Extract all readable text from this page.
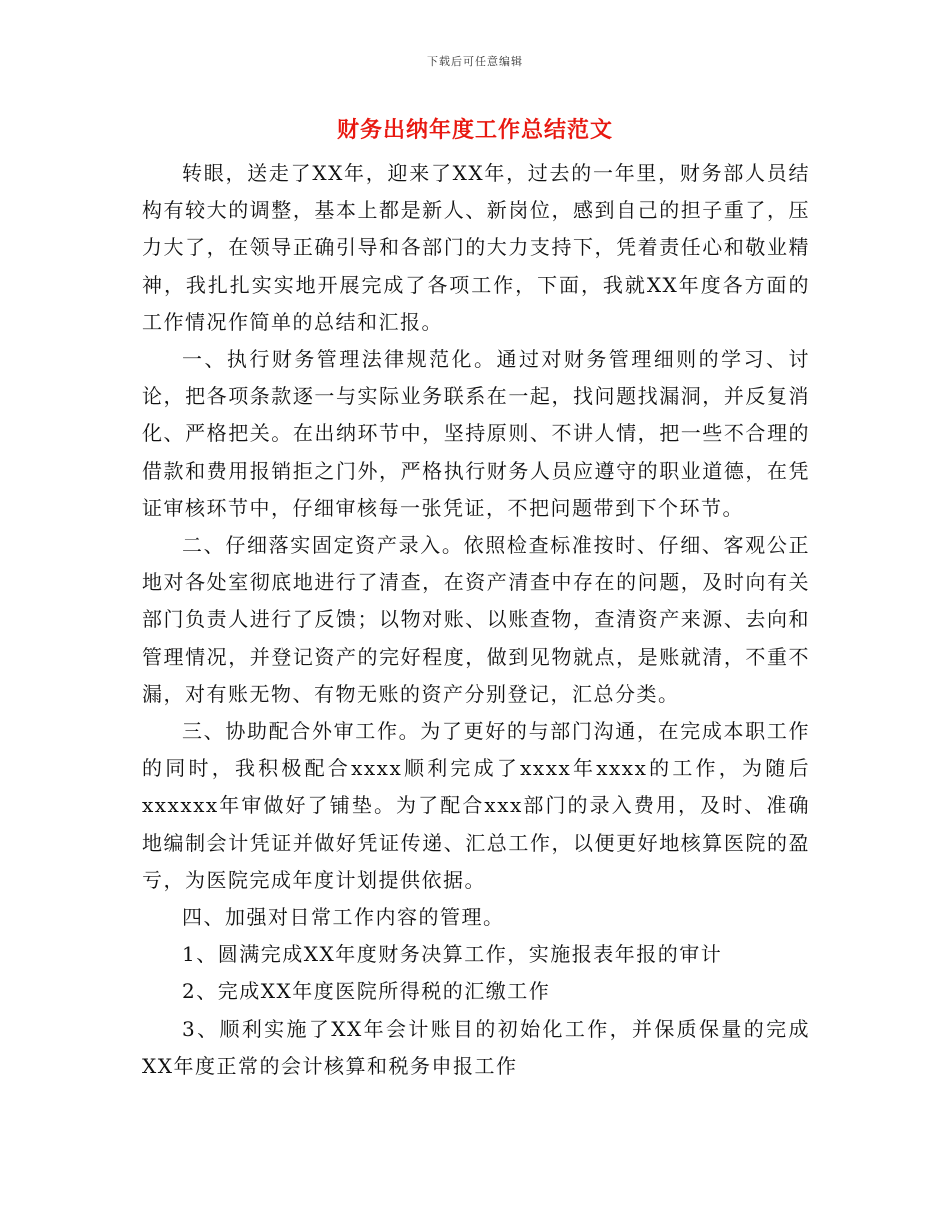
下载后可任意编辑
财务出纳年度工作总结范文

转眼，送走了XX年，迎来了XX年，过去的一年里，财务部人员结构有较大的调整，基本上都是新人、新岗位，感到自己的担子重了，压力大了，在领导正确引导和各部门的大力支持下，凭着责任心和敬业精神，我扎扎实实地开展完成了各项工作，下面，我就XX年度各方面的工作情况作简单的总结和汇报。

一、执行财务管理法律规范化。通过对财务管理细则的学习、讨论，把各项条款逐一与实际业务联系在一起，找问题找漏洞，并反复消化、严格把关。在出纳环节中，坚持原则、不讲人情，把一些不合理的借款和费用报销拒之门外，严格执行财务人员应遵守的职业道德，在凭证审核环节中，仔细审核每一张凭证，不把问题带到下个环节。

二、仔细落实固定资产录入。依照检查标准按时、仔细、客观公正地对各处室彻底地进行了清查，在资产清查中存在的问题，及时向有关部门负责人进行了反馈；以物对账、以账查物，查清资产来源、去向和管理情况，并登记资产的完好程度，做到见物就点，是账就清，不重不漏，对有账无物、有物无账的资产分别登记，汇总分类。

三、协助配合外审工作。为了更好的与部门沟通，在完成本职工作的同时，我积极配合xxxx顺利完成了xxxx年xxxx的工作，为随后xxxxxx年审做好了铺垫。为了配合xxx部门的录入费用，及时、准确地编制会计凭证并做好凭证传递、汇总工作，以便更好地核算医院的盈亏，为医院完成年度计划提供依据。

四、加强对日常工作内容的管理。

1、圆满完成XX年度财务决算工作，实施报表年报的审计

2、完成XX年度医院所得税的汇缴工作

3、顺利实施了XX年会计账目的初始化工作，并保质保量的完成XX年度正常的会计核算和税务申报工作
